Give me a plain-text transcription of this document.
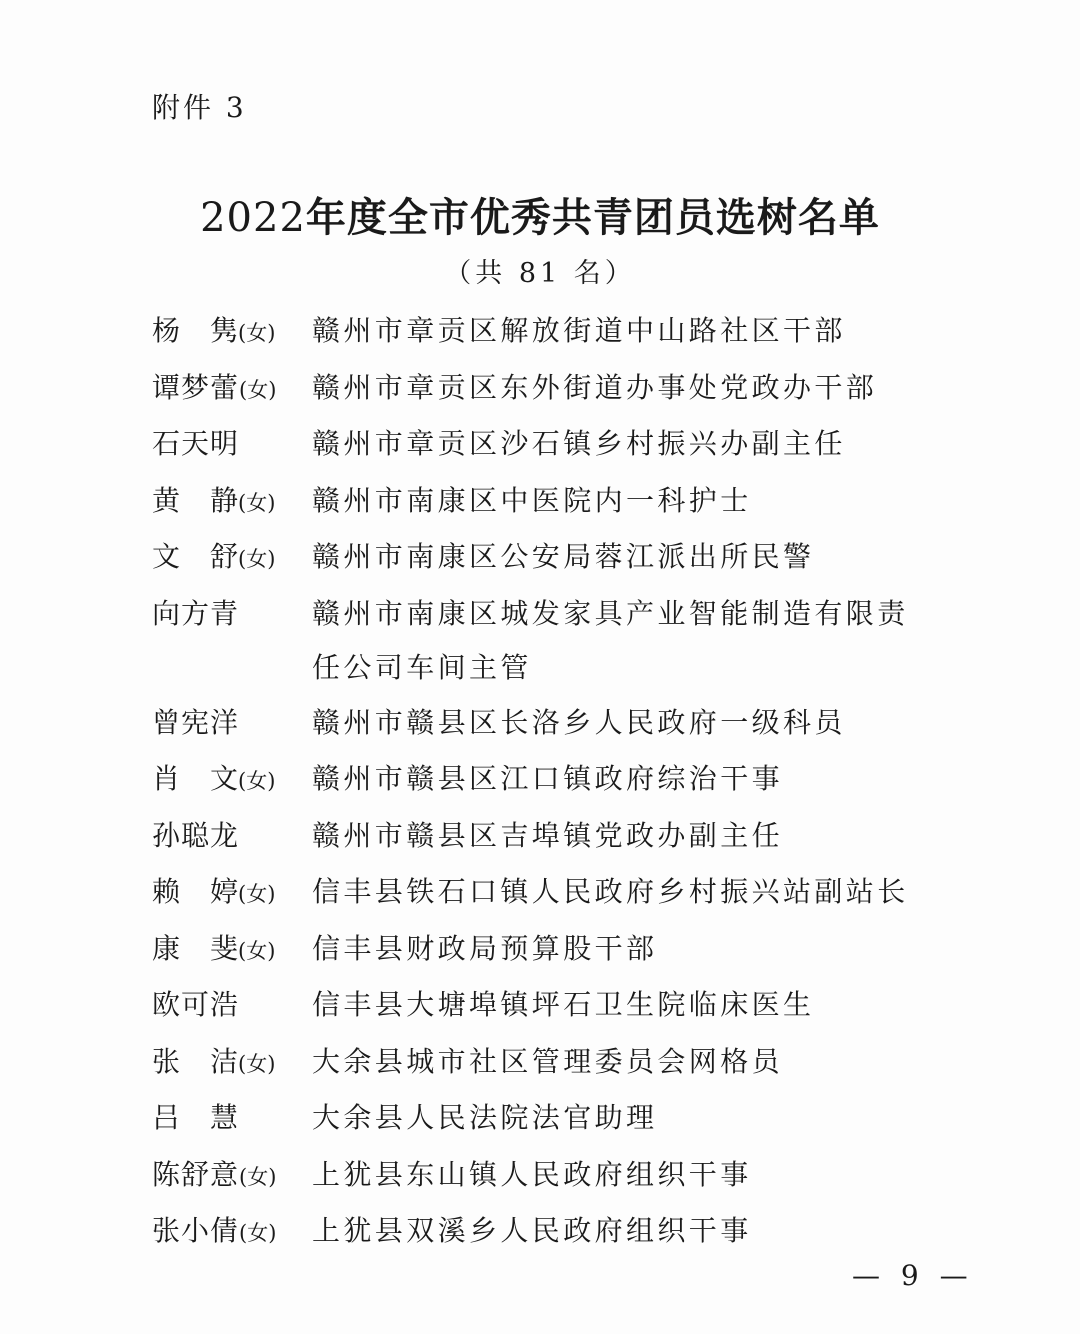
附件 3
2022年度全市优秀共青团员选树名单
（共 81 名）
杨 隽(女)	赣州市章贡区解放街道中山路社区干部
谭梦蕾(女)	赣州市章贡区东外街道办事处党政办干部
石天明	赣州市章贡区沙石镇乡村振兴办副主任
黄 静(女)	赣州市南康区中医院内一科护士
文 舒(女)	赣州市南康区公安局蓉江派出所民警
向方青	赣州市南康区城发家具产业智能制造有限责任公司车间主管
曾宪洋	赣州市赣县区长洛乡人民政府一级科员
肖 文(女)	赣州市赣县区江口镇政府综治干事
孙聪龙	赣州市赣县区吉埠镇党政办副主任
赖 婷(女)	信丰县铁石口镇人民政府乡村振兴站副站长
康 斐(女)	信丰县财政局预算股干部
欧可浩	信丰县大塘埠镇坪石卫生院临床医生
张 洁(女)	大余县城市社区管理委员会网格员
吕 慧	大余县人民法院法官助理
陈舒意(女)	上犹县东山镇人民政府组织干事
张小倩(女)	上犹县双溪乡人民政府组织干事
— 9 —
